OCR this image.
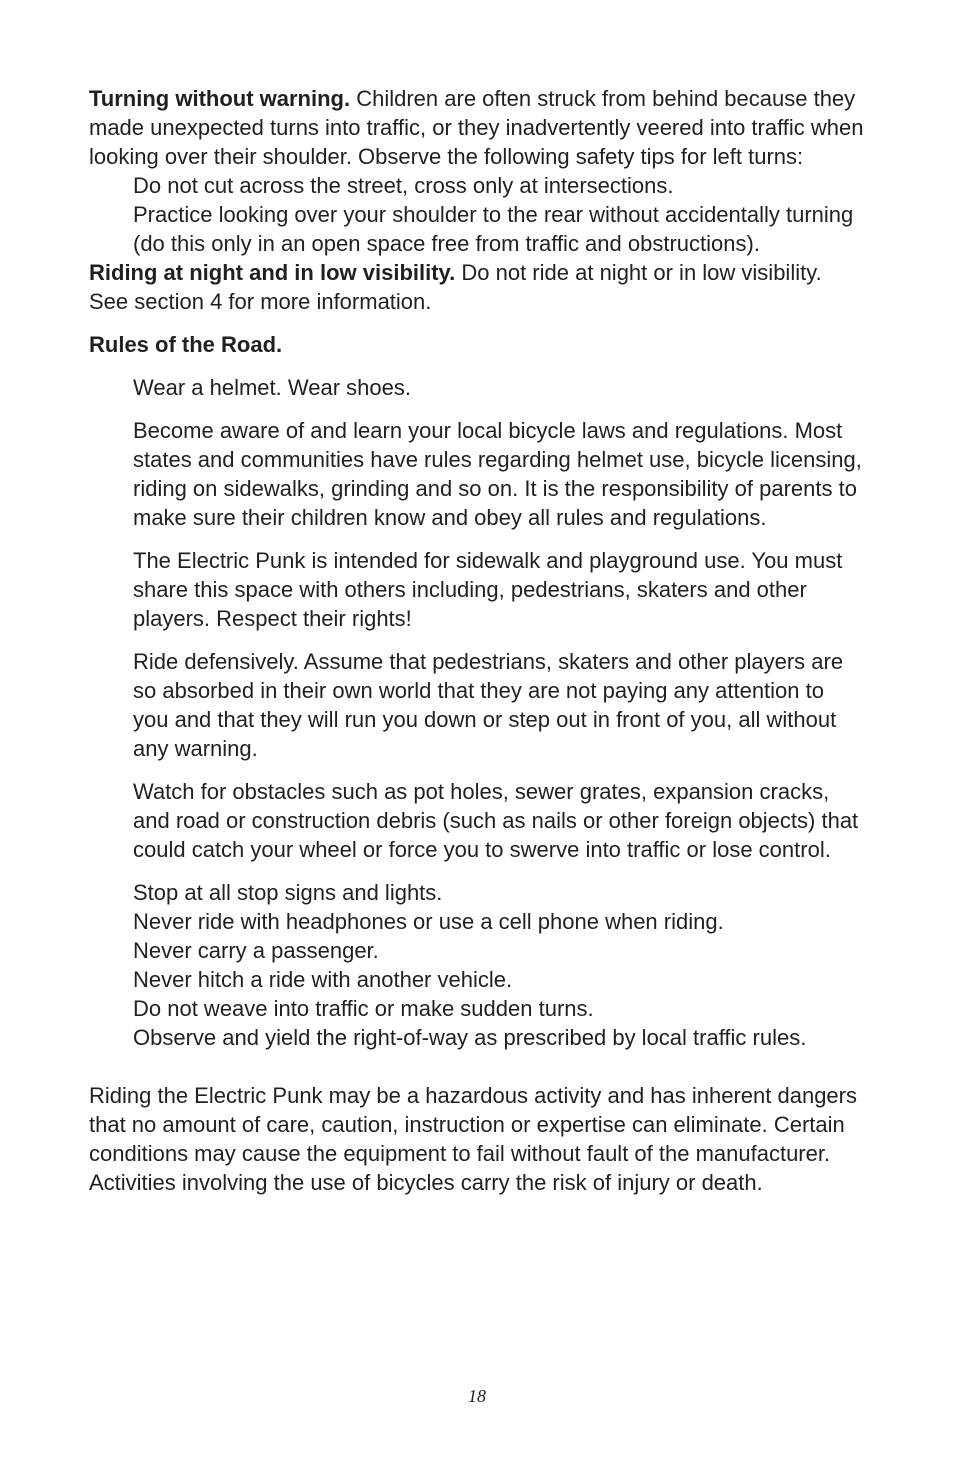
Turning without warning. Children are often struck from behind because they made unexpected turns into traffic, or they inadvertently veered into traffic when looking over their shoulder. Observe the following safety tips for left turns:

Do not cut across the street, cross only at intersections.

Practice looking over your shoulder to the rear without accidentally turning (do this only in an open space free from traffic and obstructions).

Riding at night and in low visibility. Do not ride at night or in low visibility. See section 4 for more information.

Rules of the Road.

Wear a helmet. Wear shoes.

Become aware of and learn your local bicycle laws and regulations. Most states and communities have rules regarding helmet use, bicycle licensing, riding on sidewalks, grinding and so on. It is the responsibility of parents to make sure their children know and obey all rules and regulations.

The Electric Punk is intended for sidewalk and playground use. You must share this space with others including, pedestrians, skaters and other players. Respect their rights!

Ride defensively. Assume that pedestrians, skaters and other players are so absorbed in their own world that they are not paying any attention to you and that they will run you down or step out in front of you, all without any warning.

Watch for obstacles such as pot holes, sewer grates, expansion cracks, and road or construction debris (such as nails or other foreign objects) that could catch your wheel or force you to swerve into traffic or lose control.

Stop at all stop signs and lights.

Never ride with headphones or use a cell phone when riding.

Never carry a passenger.

Never hitch a ride with another vehicle.

Do not weave into traffic or make sudden turns.

Observe and yield the right-of-way as prescribed by local traffic rules.

Riding the Electric Punk may be a hazardous activity and has inherent dangers that no amount of care, caution, instruction or expertise can eliminate. Certain conditions may cause the equipment to fail without fault of the manufacturer. Activities involving the use of bicycles carry the risk of injury or death.

18
